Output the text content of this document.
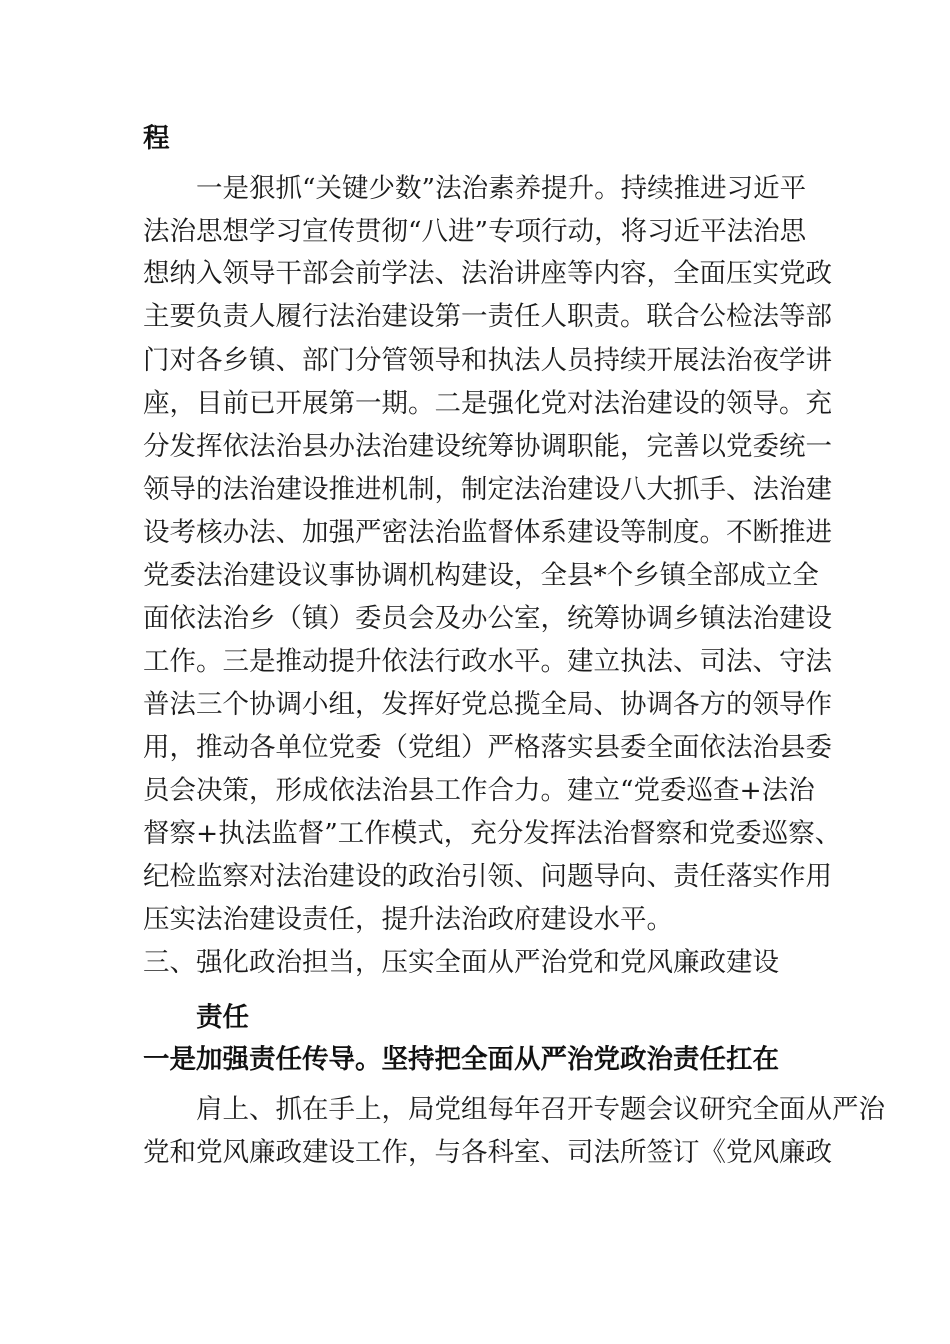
程
一是狠抓“关键少数”法治素养提升。持续推进习近平
法治思想学习宣传贯彻“八进”专项行动，将习近平法治思
想纳入领导干部会前学法、法治讲座等内容，全面压实党政
主要负责人履行法治建设第一责任人职责。联合公检法等部
门对各乡镇、部门分管领导和执法人员持续开展法治夜学讲
座，目前已开展第一期。二是强化党对法治建设的领导。充
分发挥依法治县办法治建设统筹协调职能，完善以党委统一
领导的法治建设推进机制，制定法治建设八大抓手、法治建
设考核办法、加强严密法治监督体系建设等制度。不断推进
党委法治建设议事协调机构建设，全县*个乡镇全部成立全
面依法治乡（镇）委员会及办公室，统筹协调乡镇法治建设
工作。三是推动提升依法行政水平。建立执法、司法、守法
普法三个协调小组，发挥好党总揽全局、协调各方的领导作
用，推动各单位党委（党组）严格落实县委全面依法治县委
员会决策，形成依法治县工作合力。建立“党委巡查+法治
督察+执法监督”工作模式，充分发挥法治督察和党委巡察、
纪检监察对法治建设的政治引领、问题导向、责任落实作用
压实法治建设责任，提升法治政府建设水平。
三、强化政治担当，压实全面从严治党和党风廉政建设
责任
一是加强责任传导。坚持把全面从严治党政治责任扛在
肩上、抓在手上，局党组每年召开专题会议研究全面从严治
党和党风廉政建设工作，与各科室、司法所签订《党风廉政
